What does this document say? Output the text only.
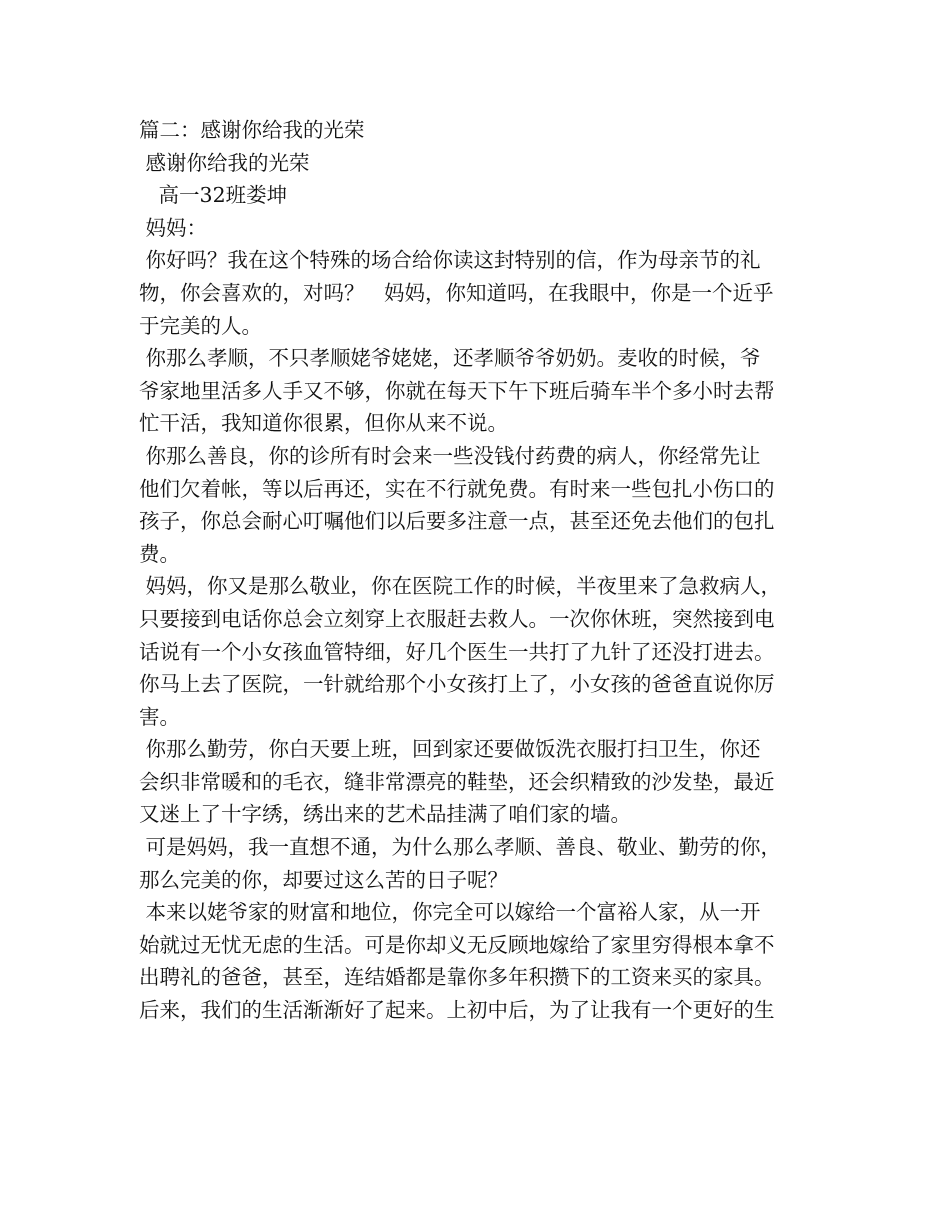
篇二：感谢你给我的光荣
感谢你给我的光荣
高一32班娄坤
妈妈：
你好吗？我在这个特殊的场合给你读这封特别的信，作为母亲节的礼
物，你会喜欢的，对吗？   妈妈，你知道吗，在我眼中，你是一个近乎
于完美的人。
你那么孝顺，不只孝顺姥爷姥姥，还孝顺爷爷奶奶。麦收的时候，爷
爷家地里活多人手又不够，你就在每天下午下班后骑车半个多小时去帮
忙干活，我知道你很累，但你从来不说。
你那么善良，你的诊所有时会来一些没钱付药费的病人，你经常先让
他们欠着帐，等以后再还，实在不行就免费。有时来一些包扎小伤口的
孩子，你总会耐心叮嘱他们以后要多注意一点，甚至还免去他们的包扎
费。
妈妈，你又是那么敬业，你在医院工作的时候，半夜里来了急救病人，
只要接到电话你总会立刻穿上衣服赶去救人。一次你休班，突然接到电
话说有一个小女孩血管特细，好几个医生一共打了九针了还没打进去。
你马上去了医院，一针就给那个小女孩打上了，小女孩的爸爸直说你厉
害。
你那么勤劳，你白天要上班，回到家还要做饭洗衣服打扫卫生，你还
会织非常暖和的毛衣，缝非常漂亮的鞋垫，还会织精致的沙发垫，最近
又迷上了十字绣，绣出来的艺术品挂满了咱们家的墙。
可是妈妈，我一直想不通，为什么那么孝顺、善良、敬业、勤劳的你，
那么完美的你，却要过这么苦的日子呢？
本来以姥爷家的财富和地位，你完全可以嫁给一个富裕人家，从一开
始就过无忧无虑的生活。可是你却义无反顾地嫁给了家里穷得根本拿不
出聘礼的爸爸，甚至，连结婚都是靠你多年积攒下的工资来买的家具。
后来，我们的生活渐渐好了起来。上初中后，为了让我有一个更好的生
